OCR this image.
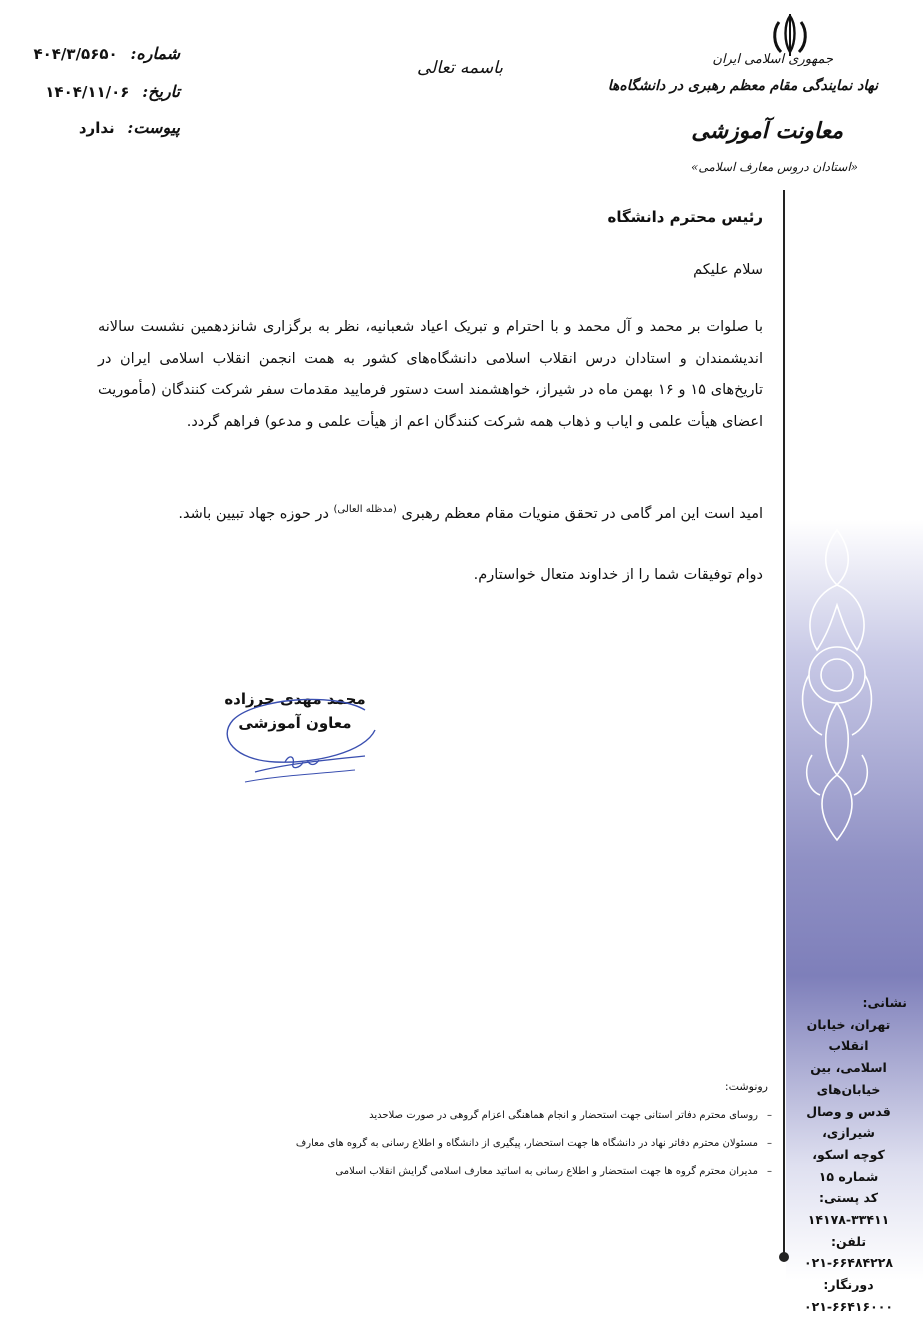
شماره: ۴۰۴/۳/۵۶۵۰
تاریخ: ۱۴۰۴/۱۱/۰۶
پیوست: ندارد
باسمه تعالی	جمهوری اسلامی ایران
نهاد نمایندگی مقام معظم رهبری در دانشگاه‌ها
معاونت آموزشی
«استادان دروس معارف اسلامی»
رئیس محترم دانشگاه
سلام علیکم
با صلوات بر محمد و آل محمد و با احترام و تبریک اعیاد شعبانیه، نظر به برگزاری شانزدهمین نشست سالانه اندیشمندان و استادان درس انقلاب اسلامی دانشگاه‌های کشور به همت انجمن انقلاب اسلامی ایران در تاریخ‌های ۱۵ و ۱۶ بهمن ماه در شیراز، خواهشمند است دستور فرمایید مقدمات سفر شرکت کنندگان (مأموریت اعضای هیأت علمی و ایاب و ذهاب همه شرکت کنندگان اعم از هیأت علمی و مدعو) فراهم گردد.
امید است این امر گامی در تحقق منویات مقام معظم رهبری $^{(مدظله العالی)}$ در حوزه جهاد تبیین باشد.
دوام توفیقات شما را از خداوند متعال خواستارم.
محمد مهدی حرزاده
معاون آموزشی
رونوشت:
–
روسای محترم دفاتر استانی جهت استحضار و انجام هماهنگی اعزام گروهی در صورت صلاحدید
–
مسئولان محترم دفاتر نهاد در دانشگاه ها جهت استحضار، پیگیری از دانشگاه و اطلاع رسانی به گروه های معارف
–
مدیران محترم گروه ها جهت استحضار و اطلاع رسانی به اساتید معارف اسلامی گرایش انقلاب اسلامی
نشانی:
تهران، خیابان انقلاب
اسلامی، بین خیابان‌های
قدس و وصال شیرازی،
کوچه اسکو،
شماره ۱۵
کد پستی:
۱۴۱۷۸-۳۳۴۱۱
تلفن:
۰۲۱-۶۶۴۸۴۲۲۸
دورنگار:
۰۲۱-۶۶۴۱۶۰۰۰
